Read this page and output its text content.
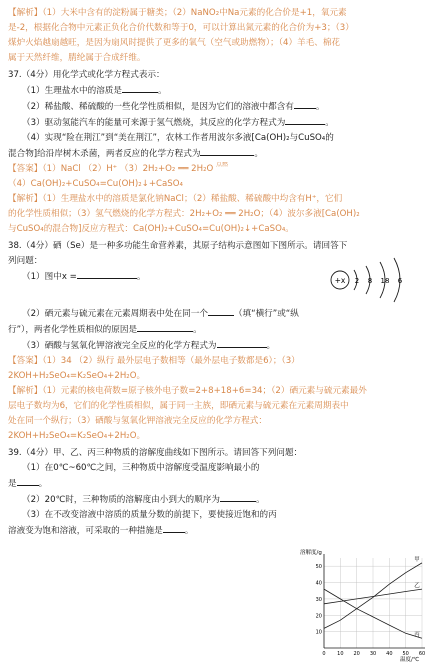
【解析】（1）大米中含有的淀粉属于糖类；（2）NaNO₂中Na元素的化合价是+1，氧元素
是-2，根据化合物中元素正负化合价代数和等于0，可以计算出氮元素的化合价为+3；（3）
煤炉火焰越扇越旺，是因为扇风时提供了更多的氧气（空气或助燃物）；（4）羊毛、棉花
属于天然纤维，腈纶属于合成纤维。
37.（4分）用化学式或化学方程式表示：
（1）生理盐水中的溶质是	。
（2）稀盐酸、稀硫酸的一些化学性质相似，是因为它们的溶液中都含有	。
（3）驱动氢能汽车的能量可来源于氢气燃烧，其反应的化学方程式为	。
（4）实现“险在荆江”到“美在荆江”，农林工作者用波尔多液[Ca(OH)₂与CuSO₄的
混合物]给沿岸树木杀菌，两者反应的化学方程式为	。
【答案】（1）NaCl （2）H⁺ （3）2H₂+O₂ ══ 2H₂O 点燃
（4）Ca(OH)₂+CuSO₄=Cu(OH)₂↓+CaSO₄
【解析】（1）生理盐水中的溶质是氯化钠NaCl；（2）稀盐酸、稀硫酸中均含有H⁺，它们
的化学性质相似；（3）氢气燃烧的化学方程式：2H₂+O₂ ══ 2H₂O；（4）波尔多液[Ca(OH)₂
与CuSO₄的混合物]反应方程式：Ca(OH)₂+CuSO₄=Cu(OH)₂↓+CaSO₄。
38.（4分）硒（Se）是一种多功能生命营养素，其原子结构示意图如下图所示。请回答下
列问题：
（1）图中x =	。	+x 2 8 18 6
（2）硒元素与硫元素在元素周期表中处在同一个	（填“横行”或“纵
行”），两者化学性质相似的原因是	。
（3）硒酸与氢氧化钾溶液完全反应的化学方程式为	。
【答案】（1）34 （2）纵行 最外层电子数相等（最外层电子数都是6）；（3）
2KOH+H₂SeO₄=K₂SeO₄+2H₂O。
【解析】（1）元素的核电荷数=原子核外电子数=2+8+18+6=34；（2）硒元素与硫元素最外
层电子数均为6，它们的化学性质相似，属于同一主族，即硒元素与硫元素在元素周期表中
处在同一个纵行；（3）硒酸与氢氧化钾溶液完全反应的化学方程式：
2KOH+H₂SeO₄=K₂SeO₄+2H₂O。
39.（4分）甲、乙、丙三种物质的溶解度曲线如下图所示。请回答下列问题：
（1）在0℃~60℃之间，三种物质中溶解度受温度影响最小的
是	。
（2）20℃时，三种物质的溶解度由小到大的顺序为	。
（3）在不改变溶液中溶质的质量分数的前提下，要使接近饱和的丙
溶液变为饱和溶液，可采取的一种措施是	。
溶解度/g
温度/℃
0 10 20 30 40 50 60
10
20
30
40
50
甲
乙
丙
